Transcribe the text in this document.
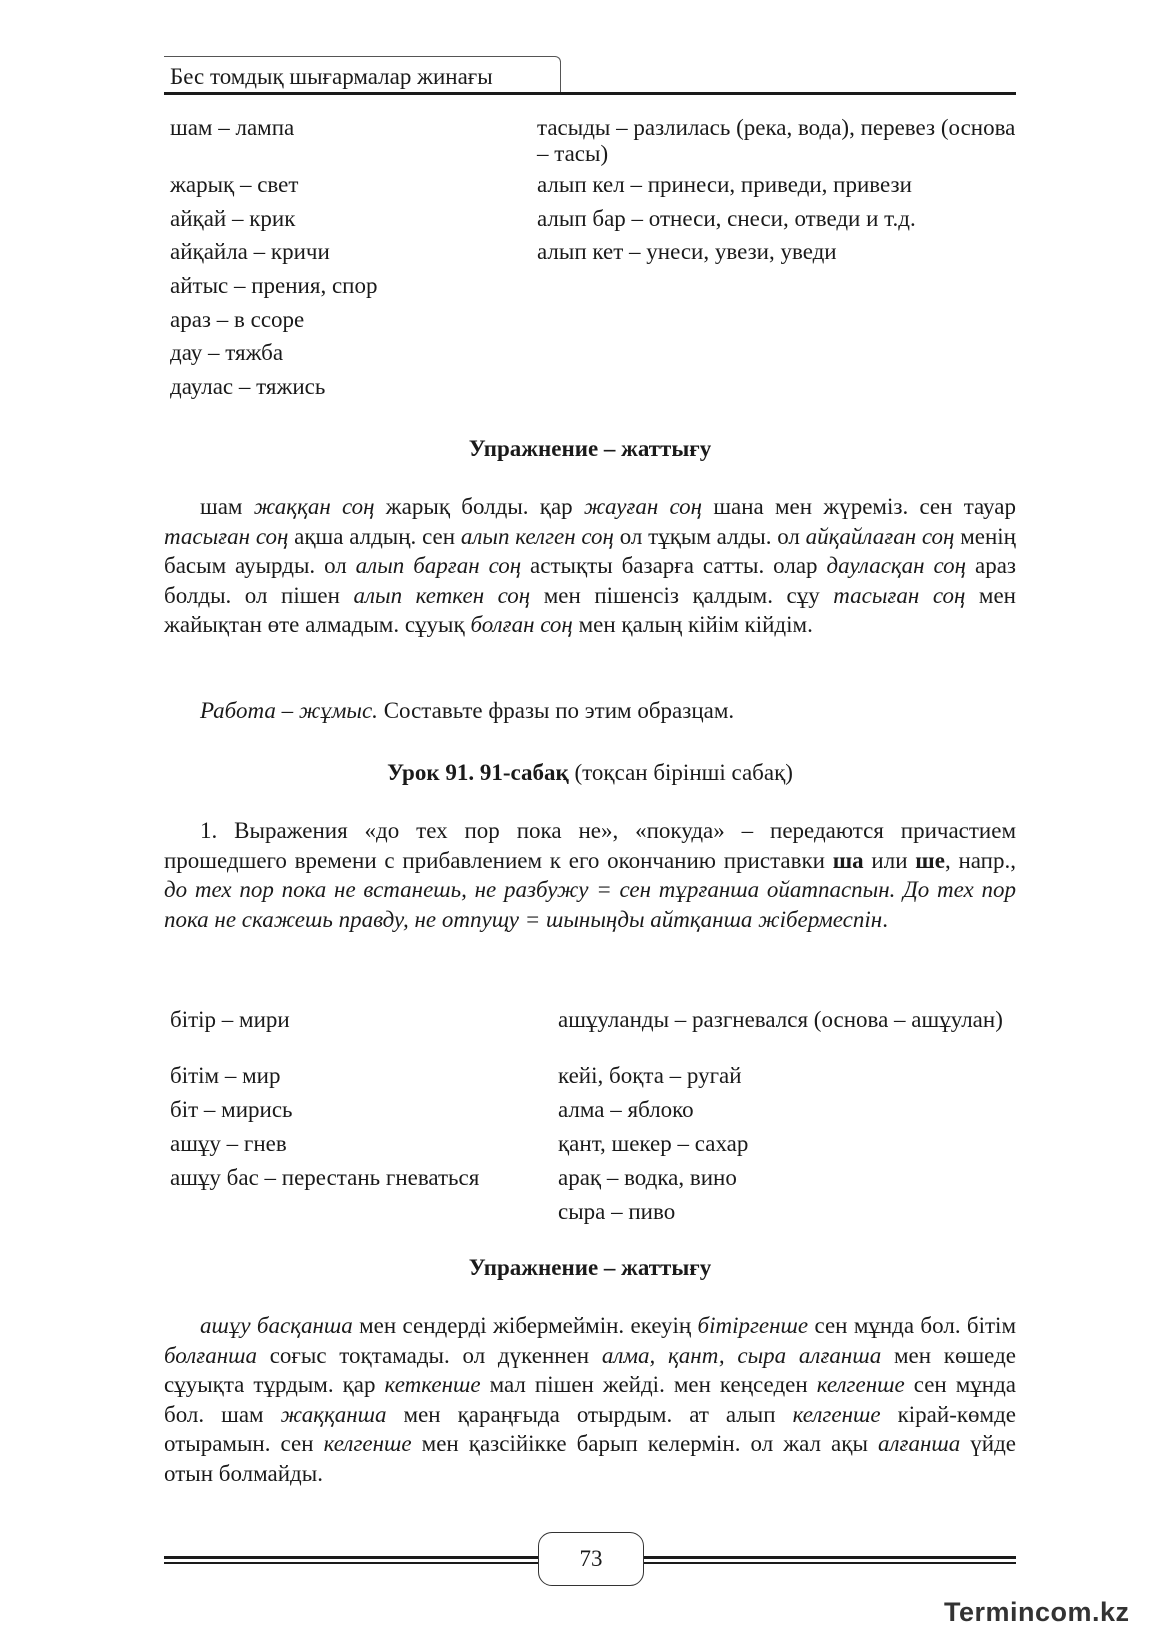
Бес томдық шығармалар жинағы
шам – лампа
жарық – свет
айқай – крик
айқайла – кричи
айтыс – прения, спор
араз – в ссоре
дау – тяжба
даулас – тяжись
тасыды – разлилась (река, вода), перевез (основа – тасы)
алып кел – принеси, приведи, привези
алып бар – отнеси, снеси, отведи и т.д.
алып кет – унеси, увези, уведи
Упражнение – жаттығу

шам жаққан соң жарық болды. қар жауған соң шана мен жүреміз. сен тауар тасыған соң ақша алдың. сен алып келген соң ол тұқым алды. ол айқайлаған соң менің басым ауырды. ол алып барған соң астықты базарға сатты. олар дауласқан соң араз болды. ол пішен алып кеткен соң мен пішенсіз қалдым. сұу тасыған соң мен жайықтан өте алмадым. сұуық болған соң мен қалың кійім кійдім.

Работа – жұмыс. Составьте фразы по этим образцам.

Урок 91. 91-сабақ (тоқсан бірінші сабақ)

1. Выражения «до тех пор пока не», «покуда» – передаются причастием прошедшего времени с прибавлением к его окончанию приставки ша или ше, напр., до тех пор пока не встанешь, не разбужу = сен тұрғанша ойатпаспын. До тех пор пока не скажешь правду, не отпущу = шыныңды айтқанша жібермеспін.

бітір – мири
бітім – мир
біт – мирись
ашұу – гнев
ашұу бас – перестань гневаться
ашұуланды – разгневался (основа – ашұулан)
кейі, боқта – ругай
алма – яблоко
қант, шекер – сахар
арақ – водка, вино
сыра – пиво
Упражнение – жаттығу

ашұу басқанша мен сендерді жібермеймін. екеуің бітіргенше сен мұнда бол. бітім болғанша соғыс тоқтамады. ол дүкеннен алма, қант, сыра алғанша мен көшеде сұуықта тұрдым. қар кеткенше мал пішен жейді. мен кеңседен келгенше сен мұнда бол. шам жаққанша мен қараңғыда отырдым. ат алып келгенше кірай-көмде отырамын. сен келгенше мен қазсійікке барып келермін. ол жал ақы алғанша үйде отын болмайды.

73
Termincom.kz
